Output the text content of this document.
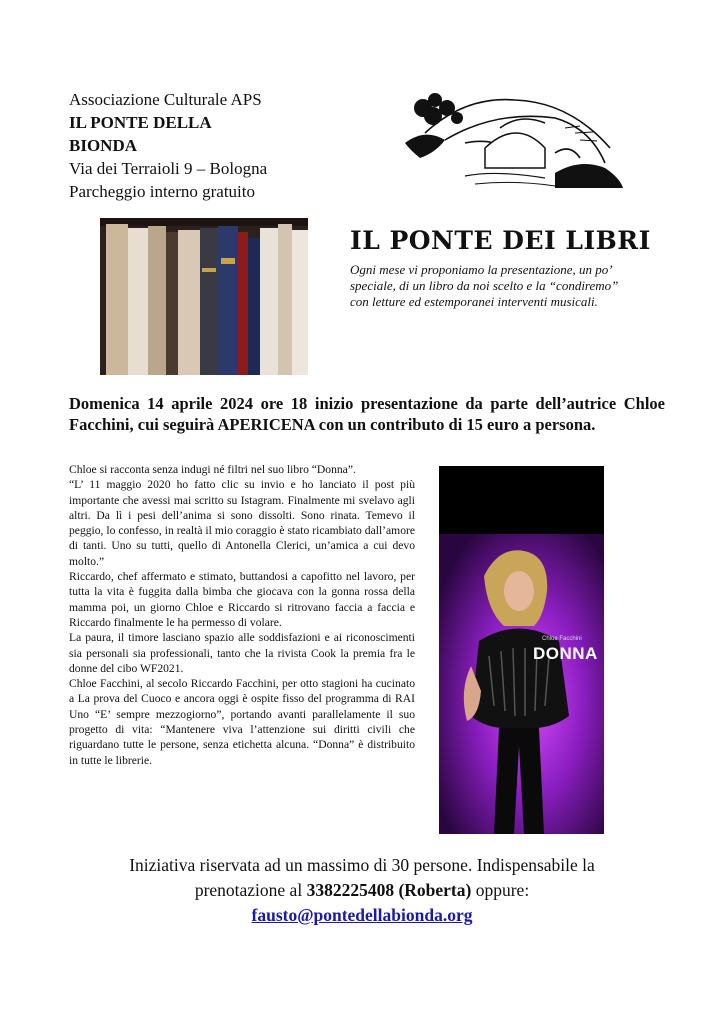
Associazione Culturale APS
IL PONTE DELLA
BIONDA
Via dei Terraioli 9 – Bologna
Parcheggio interno gratuito
IL PONTE DEI LIBRI
Ogni mese vi proponiamo la presentazione, un po’ speciale, di un libro da noi scelto e la “condiremo” con letture ed estemporanei interventi musicali.
Domenica 14 aprile 2024 ore 18 inizio presentazione da parte dell’autrice Chloe Facchini, cui seguirà APERICENA con un contributo di 15 euro a persona.

Chloe si racconta senza indugi né filtri nel suo libro “Donna”.

“L’ 11 maggio 2020 ho fatto clic su invio e ho lanciato il post più importante che avessi mai scritto su Istagram. Finalmente mi svelavo agli altri. Da lì i pesi dell’anima si sono dissolti. Sono rinata. Temevo il peggio, lo confesso, in realtà il mio coraggio è stato ricambiato dall’amore di tanti. Uno su tutti, quello di Antonella Clerici, un’amica a cui devo molto.”

Riccardo, chef affermato e stimato, buttandosi a capofitto nel lavoro, per tutta la vita è fuggita dalla bimba che giocava con la gonna rossa della mamma poi, un giorno Chloe e Riccardo si ritrovano faccia a faccia e Riccardo finalmente le ha permesso di volare.

La paura, il timore lasciano spazio alle soddisfazioni e ai riconoscimenti sia personali sia professionali, tanto che la rivista Cook la premia fra le donne del cibo WF2021.

Chloe Facchini, al secolo Riccardo Facchini, per otto stagioni ha cucinato a La prova del Cuoco e ancora oggi è ospite fisso del programma di RAI Uno “E’ sempre mezzogiorno”, portando avanti parallelamente il suo progetto di vita: “Mantenere viva l’attenzione sui diritti civili che riguardano tutte le persone, senza etichetta alcuna. “Donna” è distribuito in tutte le librerie.

Chloe Facchini
DONNA
Iniziativa riservata ad un massimo di 30 persone. Indispensabile la
prenotazione al 3382225408 (Roberta) oppure:
fausto@pontedellabionda.org
